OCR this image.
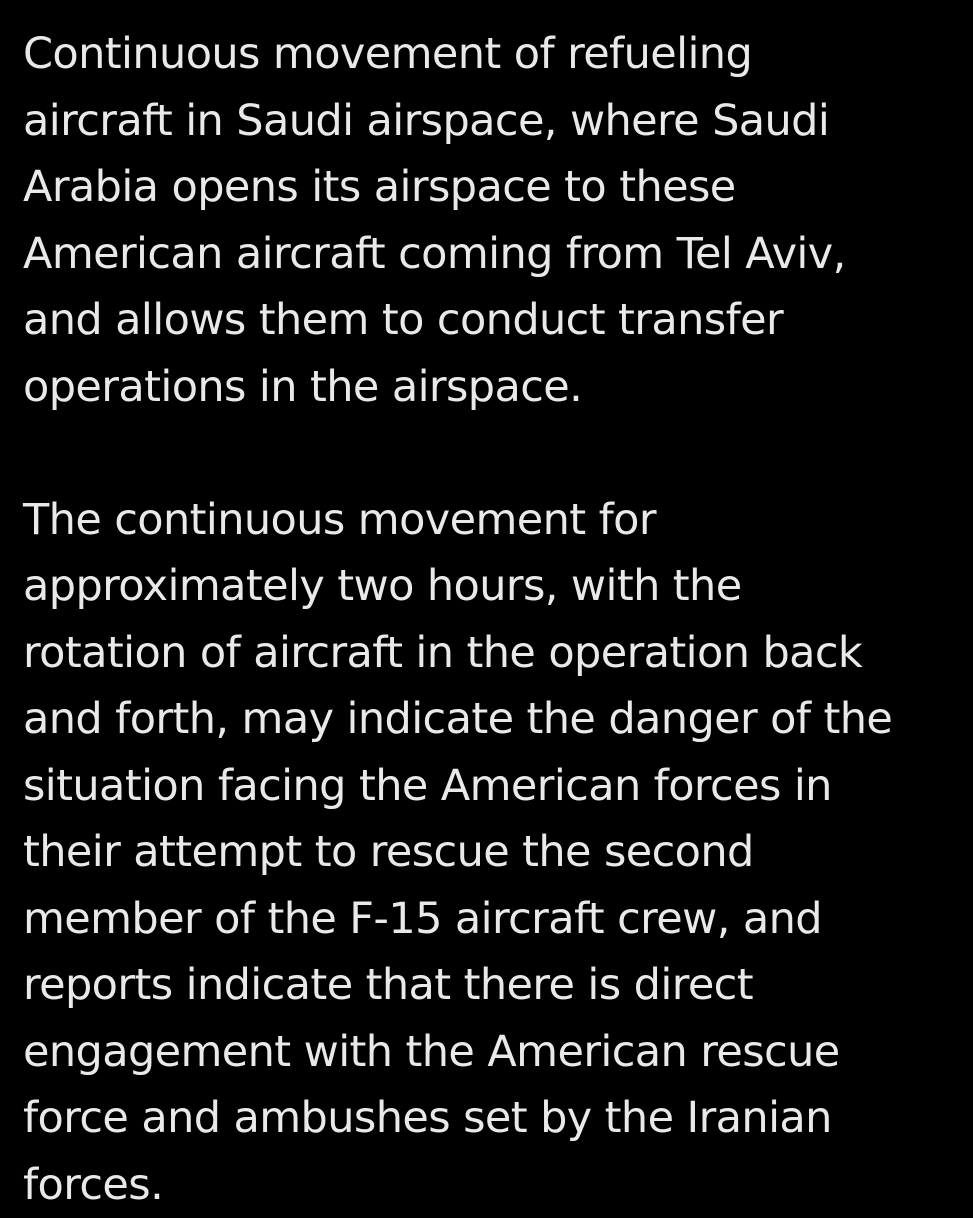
Continuous movement of refueling
aircraft in Saudi airspace, where Saudi
Arabia opens its airspace to these
American aircraft coming from Tel Aviv,
and allows them to conduct transfer
operations in the airspace.

The continuous movement for
approximately two hours, with the
rotation of aircraft in the operation back
and forth, may indicate the danger of the
situation facing the American forces in
their attempt to rescue the second
member of the F-15 aircraft crew, and
reports indicate that there is direct
engagement with the American rescue
force and ambushes set by the Iranian
forces.
